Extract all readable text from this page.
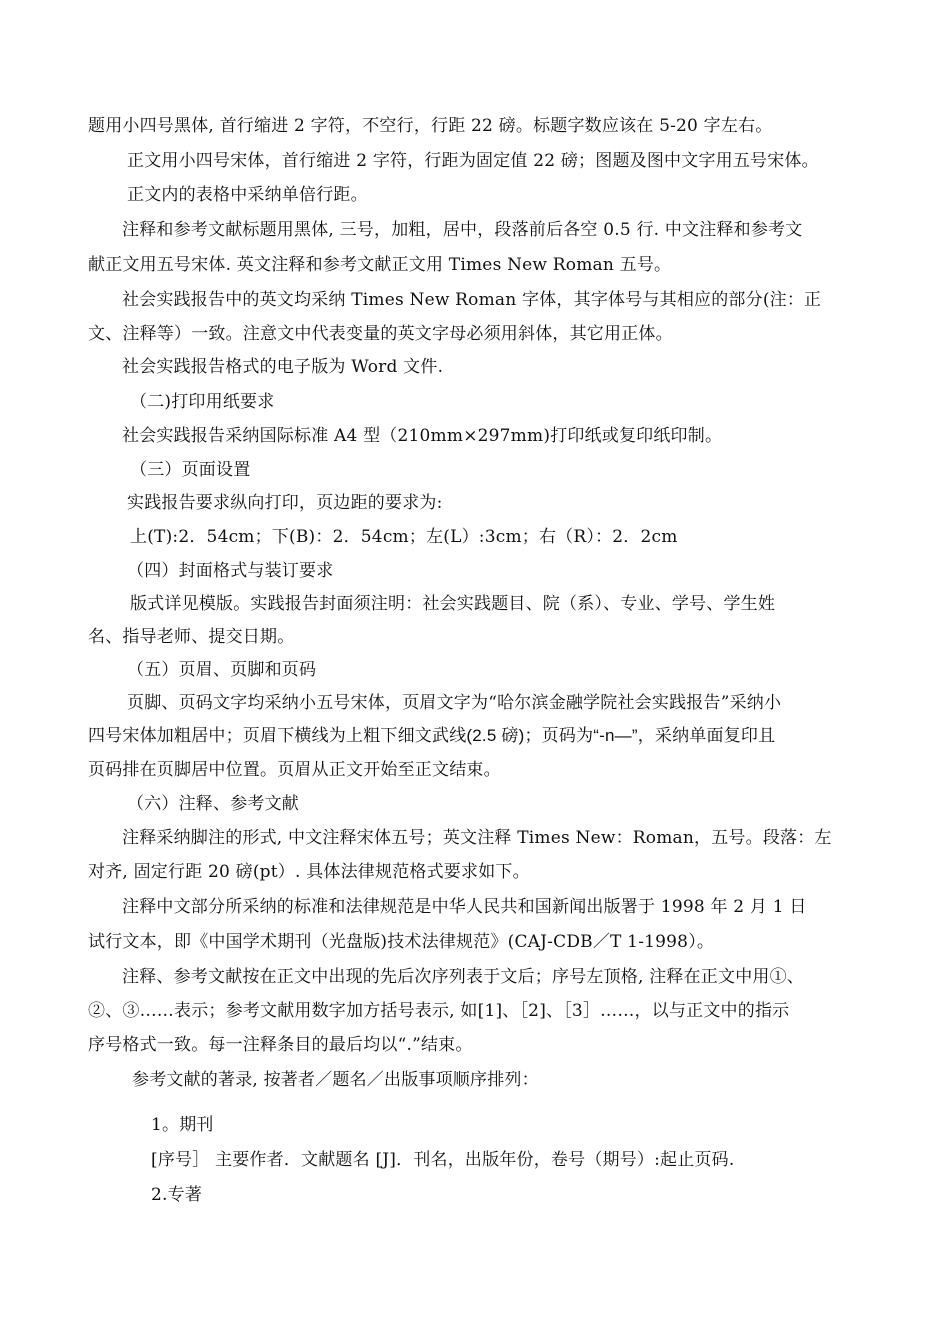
题用小四号黑体, 首行缩进 2 字符，不空行，行距 22 磅。标题字数应该在 5-20 字左右。
正文用小四号宋体，首行缩进 2 字符，行距为固定值 22 磅；图题及图中文字用五号宋体。
正文内的表格中采纳单倍行距。
注释和参考文献标题用黑体, 三号，加粗，居中，段落前后各空 0.5 行. 中文注释和参考文
献正文用五号宋体. 英文注释和参考文献正文用 Times New Roman 五号。
社会实践报告中的英文均采纳 Times New Roman 字体，其字体号与其相应的部分(注：正
文、注释等）一致。注意文中代表变量的英文字母必须用斜体，其它用正体。
社会实践报告格式的电子版为 Word 文件.
（二)打印用纸要求
社会实践报告采纳国际标准 A4 型（210mm×297mm)打印纸或复印纸印制。
（三）页面设置
实践报告要求纵向打印，页边距的要求为:
上(T):2．54cm；下(B)：2．54cm；左(L）:3cm；右（R）：2．2cm
（四）封面格式与装订要求
版式详见模版。实践报告封面须注明：社会实践题目、院（系）、专业、学号、学生姓
名、指导老师、提交日期。
（五）页眉、页脚和页码
页脚、页码文字均采纳小五号宋体，页眉文字为“哈尔滨金融学院社会实践报告”采纳小
四号宋体加粗居中；页眉下横线为上粗下细文武线(2.5 磅)；页码为“-n—”，采纳单面复印且
页码排在页脚居中位置。页眉从正文开始至正文结束。
（六）注释、参考文献
注释采纳脚注的形式, 中文注释宋体五号；英文注释 Times New：Roman，五号。段落：左
对齐, 固定行距 20 磅(pt）. 具体法律规范格式要求如下。
注释中文部分所采纳的标准和法律规范是中华人民共和国新闻出版署于 1998 年 2 月 1 日
试行文本，即《中国学术期刊（光盘版)技术法律规范》(CAJ-CDB／T 1-1998）。
注释、参考文献按在正文中出现的先后次序列表于文后；序号左顶格, 注释在正文中用①、
②、③……表示；参考文献用数字加方括号表示, 如[1]、［2]、［3］……，以与正文中的指示
序号格式一致。每一注释条目的最后均以“.”结束。
参考文献的著录, 按著者／题名／出版事项顺序排列：
1。期刊
[序号］ 主要作者．文献题名 [J]．刊名，出版年份，卷号（期号）:起止页码.
2.专著
